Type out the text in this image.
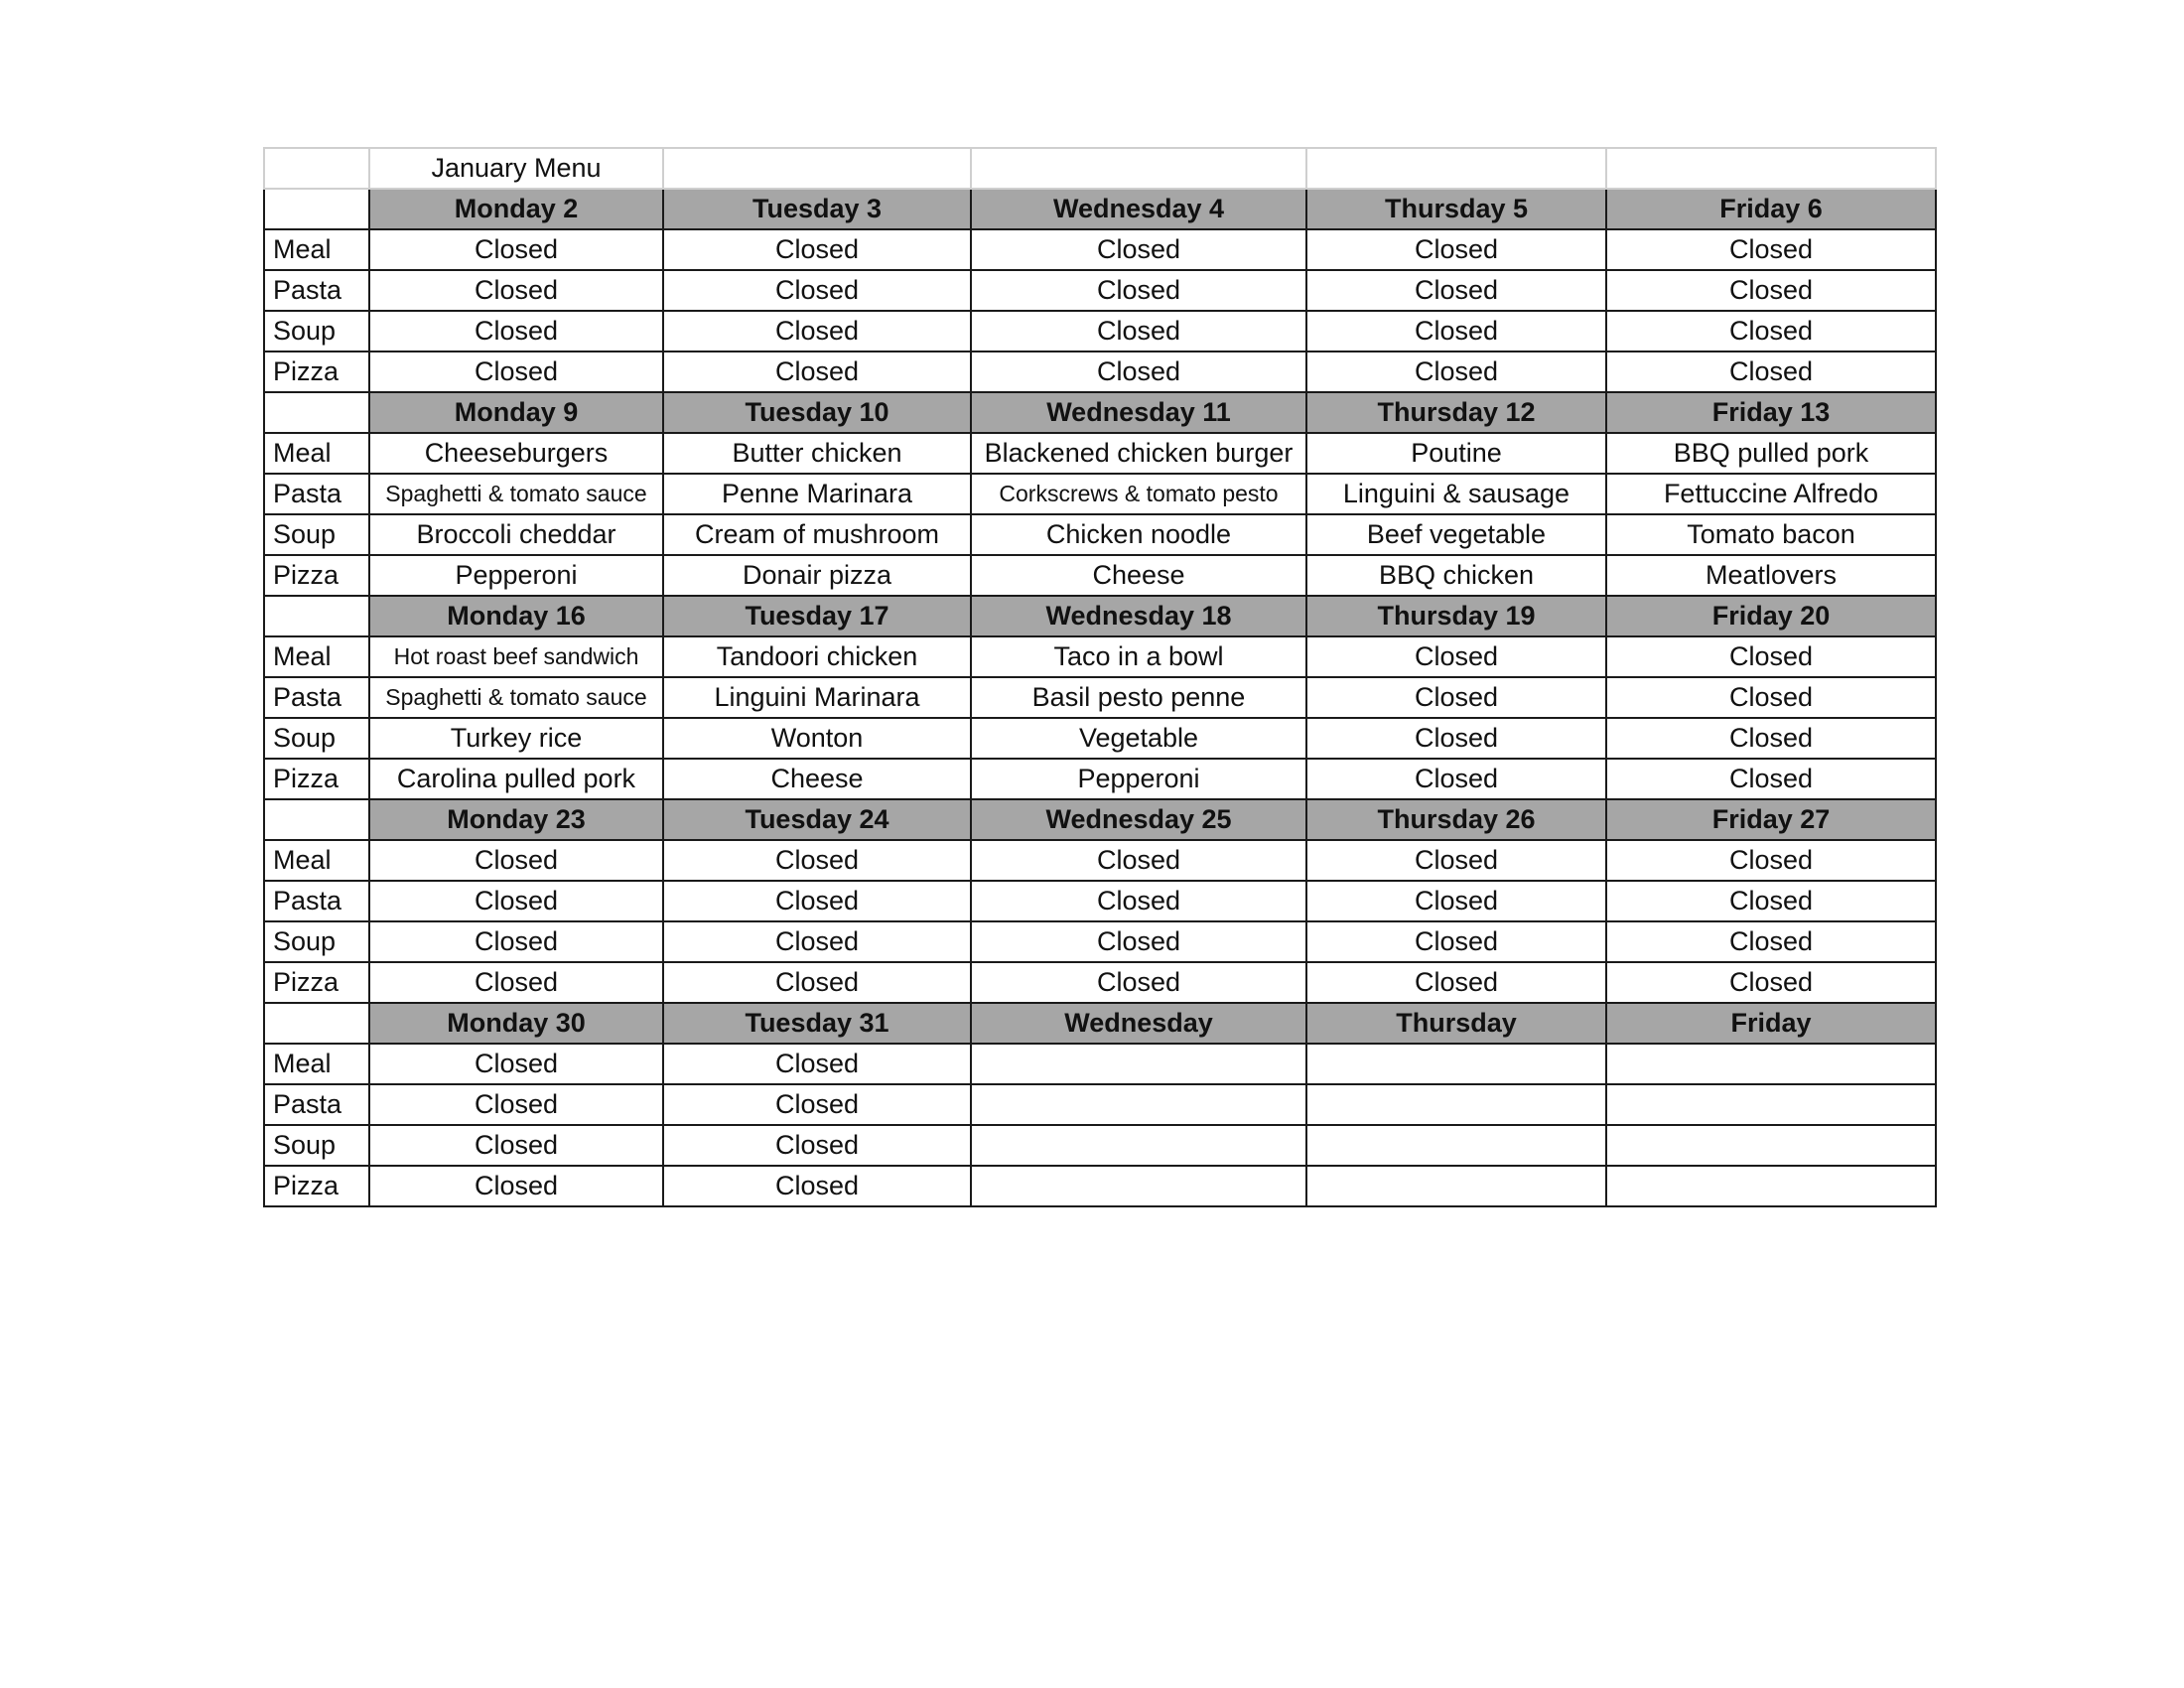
	January Menu				
	Monday 2	Tuesday 3	Wednesday 4	Thursday 5	Friday 6
Meal	Closed	Closed	Closed	Closed	Closed
Pasta	Closed	Closed	Closed	Closed	Closed
Soup	Closed	Closed	Closed	Closed	Closed
Pizza	Closed	Closed	Closed	Closed	Closed
	Monday 9	Tuesday 10	Wednesday 11	Thursday 12	Friday 13
Meal	Cheeseburgers	Butter chicken	Blackened chicken burger	Poutine	BBQ pulled pork
Pasta	Spaghetti & tomato sauce	Penne Marinara	Corkscrews & tomato pesto	Linguini & sausage	Fettuccine Alfredo
Soup	Broccoli cheddar	Cream of mushroom	Chicken noodle	Beef vegetable	Tomato bacon
Pizza	Pepperoni	Donair pizza	Cheese	BBQ chicken	Meatlovers
	Monday 16	Tuesday 17	Wednesday 18	Thursday 19	Friday 20
Meal	Hot roast beef sandwich	Tandoori chicken	Taco in a bowl	Closed	Closed
Pasta	Spaghetti & tomato sauce	Linguini Marinara	Basil pesto penne	Closed	Closed
Soup	Turkey rice	Wonton	Vegetable	Closed	Closed
Pizza	Carolina pulled pork	Cheese	Pepperoni	Closed	Closed
	Monday 23	Tuesday 24	Wednesday 25	Thursday 26	Friday 27
Meal	Closed	Closed	Closed	Closed	Closed
Pasta	Closed	Closed	Closed	Closed	Closed
Soup	Closed	Closed	Closed	Closed	Closed
Pizza	Closed	Closed	Closed	Closed	Closed
	Monday 30	Tuesday 31	Wednesday	Thursday	Friday
Meal	Closed	Closed			
Pasta	Closed	Closed			
Soup	Closed	Closed			
Pizza	Closed	Closed			
